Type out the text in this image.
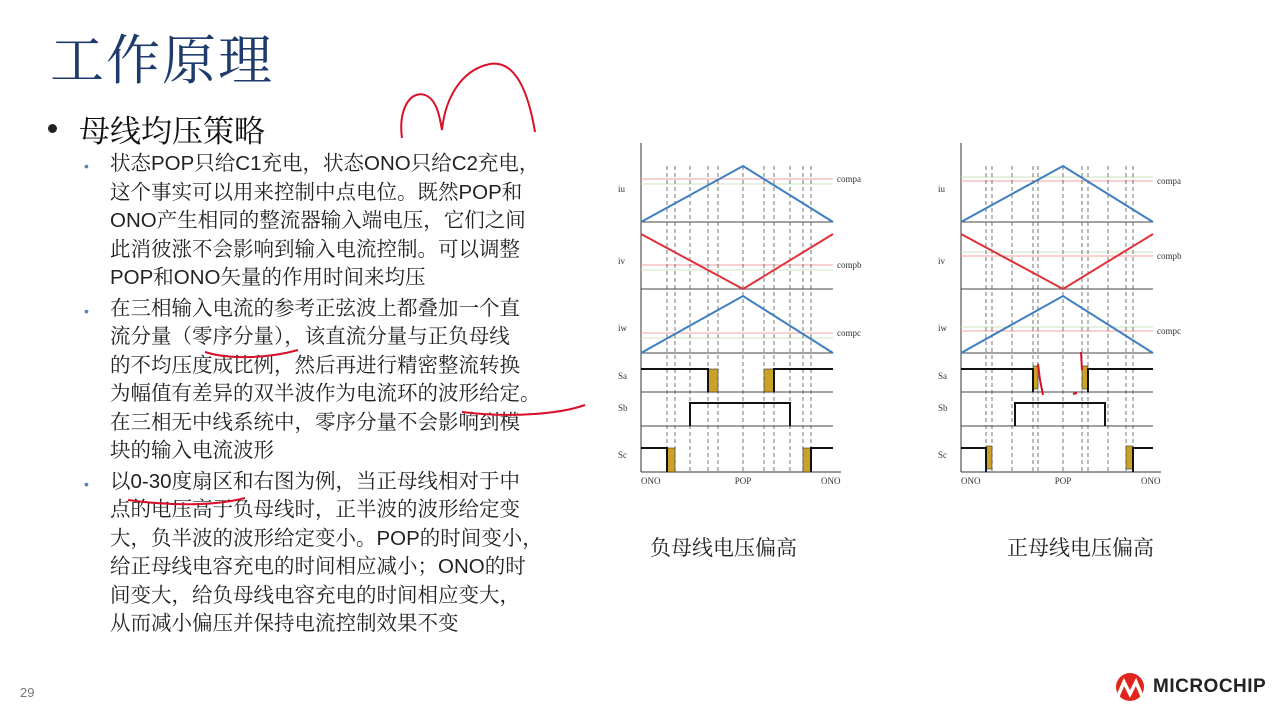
工作原理
母线均压策略
•	状态POP只给C1充电，状态ONO只给C2充电，
这个事实可以用来控制中点电位。既然POP和
ONO产生相同的整流器输入端电压，它们之间
此消彼涨不会影响到输入电流控制。可以调整
POP和ONO矢量的作用时间来均压
•	在三相输入电流的参考正弦波上都叠加一个直
流分量（零序分量），该直流分量与正负母线
的不均压度成比例，然后再进行精密整流转换
为幅值有差异的双半波作为电流环的波形给定。
在三相无中线系统中，零序分量不会影响到模
块的输入电流波形
•	以0-30度扇区和右图为例，当正母线相对于中
点的电压高于负母线时，正半波的波形给定变
大，负半波的波形给定变小。POP的时间变小，
给正母线电容充电的时间相应减小；ONO的时
间变大，给负母线电容充电的时间相应变大，
从而减小偏压并保持电流控制效果不变
compa
compb
compc
iu
iv
iw
Sa
Sb
Sc
ONO	POP	ONO
compa
compb
compc
iu
iv
iw
Sa
Sb
Sc
ONO	POP	ONO
负母线电压偏高	正母线电压偏高
29	MICROCHIP
